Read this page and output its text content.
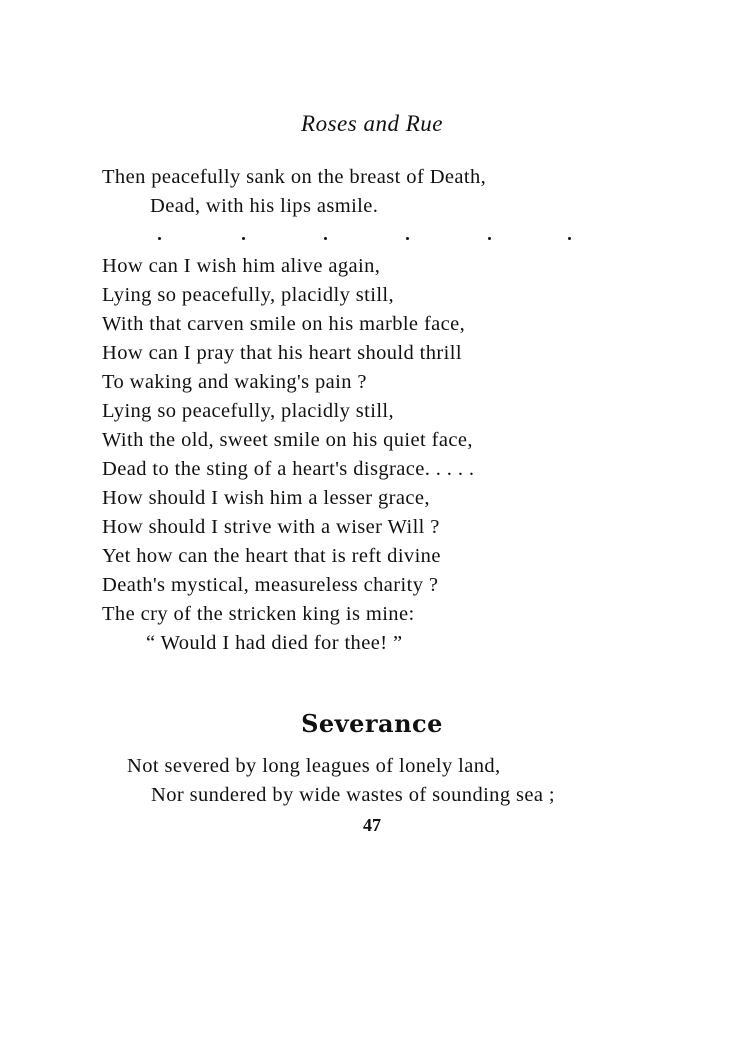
Roses and Rue
Then peacefully sank on the breast of Death,
Dead, with his lips asmile.
How can I wish him alive again,
Lying so peacefully, placidly still,
With that carven smile on his marble face,
How can I pray that his heart should thrill
To waking and waking's pain ?
Lying so peacefully, placidly still,
With the old, sweet smile on his quiet face,
Dead to the sting of a heart's disgrace. . . . .
How should I wish him a lesser grace,
How should I strive with a wiser Will ?
Yet how can the heart that is reft divine
Death's mystical, measureless charity ?
The cry of the stricken king is mine:
“ Would I had died for thee! ”
Severance
Not severed by long leagues of lonely land,
Nor sundered by wide wastes of sounding sea ;
47
